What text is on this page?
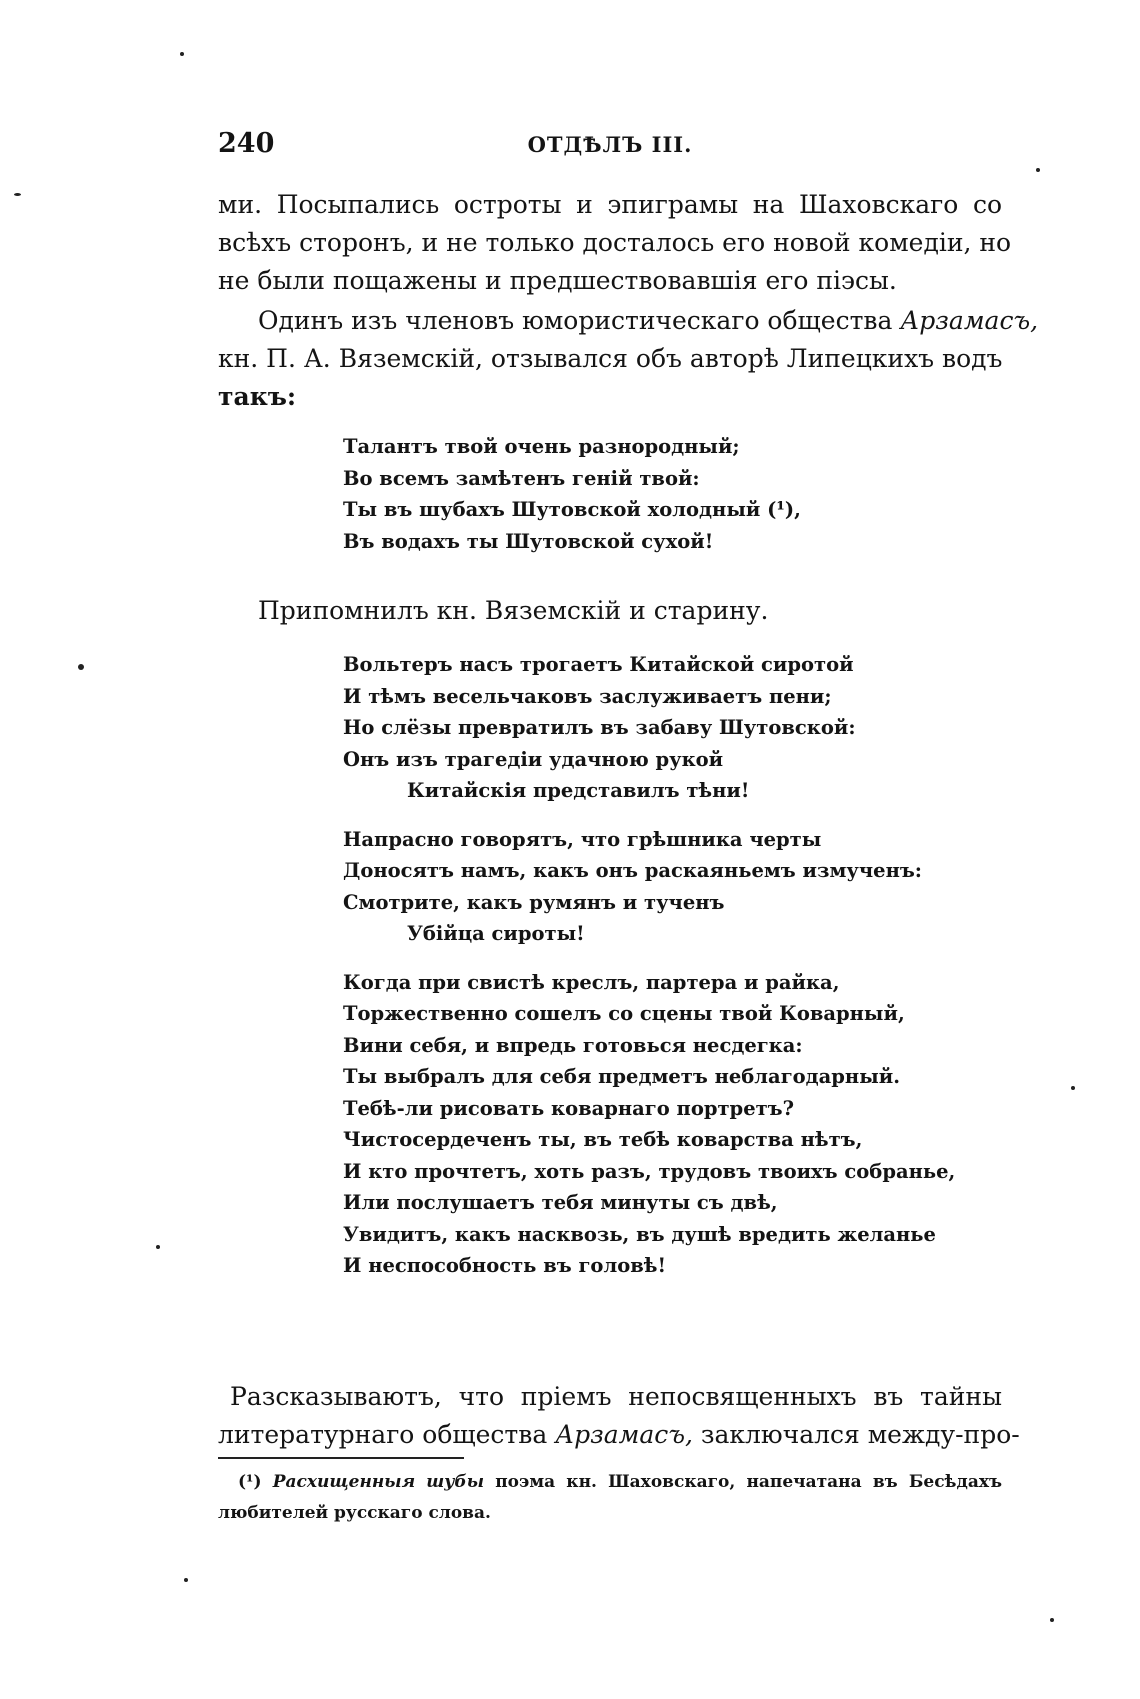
240	ОТДѢЛЪ III.
ми. Посыпались остроты и эпиграмы на Шаховскаго со
всѣхъ сторонъ, и не только досталось его новой комедіи, но
не были пощажены и предшествовавшія его піэсы.
Одинъ изъ членовъ юмористическаго общества Арзамасъ,
кн. П. А. Вяземскій, отзывался объ авторѣ Липецкихъ водъ
такъ:
Талантъ твой очень разнородный;
Во всемъ замѣтенъ геній твой:
Ты въ шубахъ Шутовской холодный (¹),
Въ водахъ ты Шутовской сухой!
Припомнилъ кн. Вяземскій и старину.
Вольтеръ насъ трогаетъ Китайской сиротой
И тѣмъ весельчаковъ заслуживаетъ пени;
Но слёзы превратилъ въ забаву Шутовской:
Онъ изъ трагедіи удачною рукой
Китайскія представилъ тѣни!
Напрасно говорятъ, что грѣшника черты
Доносятъ намъ, какъ онъ раскаяньемъ измученъ:
Смотрите, какъ румянъ и тученъ
Убійца сироты!
Когда при свистѣ креслъ, партера и райка,
Торжественно сошелъ со сцены твой Коварный,
Вини себя, и впредь готовься несдегка:
Ты выбралъ для себя предметъ неблагодарный.
Тебѣ-ли рисовать коварнаго портретъ?
Чистосердеченъ ты, въ тебѣ коварства нѣтъ,
И кто прочтетъ, хоть разъ, трудовъ твоихъ собранье,
Или послушаетъ тебя минуты съ двѣ,
Увидитъ, какъ насквозь, въ душѣ вредить желанье
И неспособность въ головѣ!
Разсказываютъ, что пріемъ непосвященныхъ въ тайны
литературнаго общества Арзамасъ, заключался между-про-
(¹) Расхищенныя шубы поэма кн. Шаховскаго, напечатана въ Бесѣдахъ
любителей русскаго слова.
